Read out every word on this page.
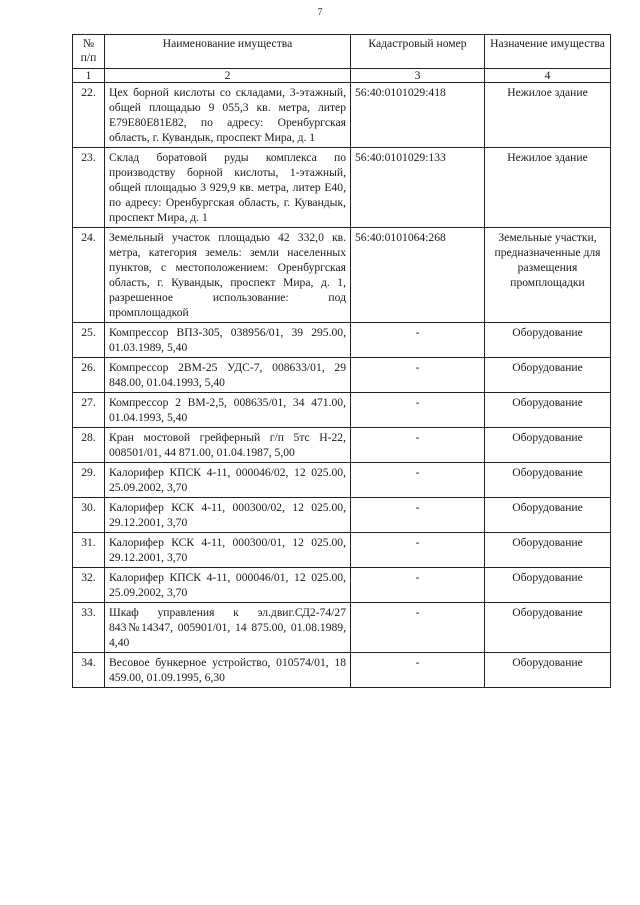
7
№ п/п	Наименование имущества	Кадастровый номер	Назначение имущества
1	2	3	4
22.	Цех борной кислоты со складами, 3-этажный, общей площадью 9 055,3 кв. метра, литер Е79Е80Е81Е82, по адресу: Оренбургская область, г. Кувандык, проспект Мира, д. 1	56:40:0101029:418	Нежилое здание
23.	Склад боратовой руды комплекса по производству борной кислоты, 1-этажный, общей площадью 3 929,9 кв. метра, литер Е40, по адресу: Оренбургская область, г. Кувандык, проспект Мира, д. 1	56:40:0101029:133	Нежилое здание
24.	Земельный участок площадью 42 332,0 кв. метра, категория земель: земли населенных пунктов, с местоположением: Оренбургская область, г. Кувандык, проспект Мира, д. 1, разрешенное использование: под промплощадкой	56:40:0101064:268	Земельные участки, предназначенные для размещения промплощадки
25.	Компрессор ВПЗ-305, 038956/01, 39 295.00, 01.03.1989, 5,40	-	Оборудование
26.	Компрессор 2ВМ-25 УДС-7, 008633/01, 29 848.00, 01.04.1993, 5,40	-	Оборудование
27.	Компрессор 2 ВМ-2,5, 008635/01, 34 471.00, 01.04.1993, 5,40	-	Оборудование
28.	Кран мостовой грейферный г/п 5тс Н-22, 008501/01, 44 871.00, 01.04.1987, 5,00	-	Оборудование
29.	Калорифер КПСК 4-11, 000046/02, 12 025.00, 25.09.2002, 3,70	-	Оборудование
30.	Калорифер КСК 4-11, 000300/02, 12 025.00, 29.12.2001, 3,70	-	Оборудование
31.	Калорифер КСК 4-11, 000300/01, 12 025.00, 29.12.2001, 3,70	-	Оборудование
32.	Калорифер КПСК 4-11, 000046/01, 12 025.00, 25.09.2002, 3,70	-	Оборудование
33.	Шкаф управления к эл.двиг.СД2-74/27 843№14347, 005901/01, 14 875.00, 01.08.1989, 4,40	-	Оборудование
34.	Весовое бункерное устройство, 010574/01, 18 459.00, 01.09.1995, 6,30	-	Оборудование
